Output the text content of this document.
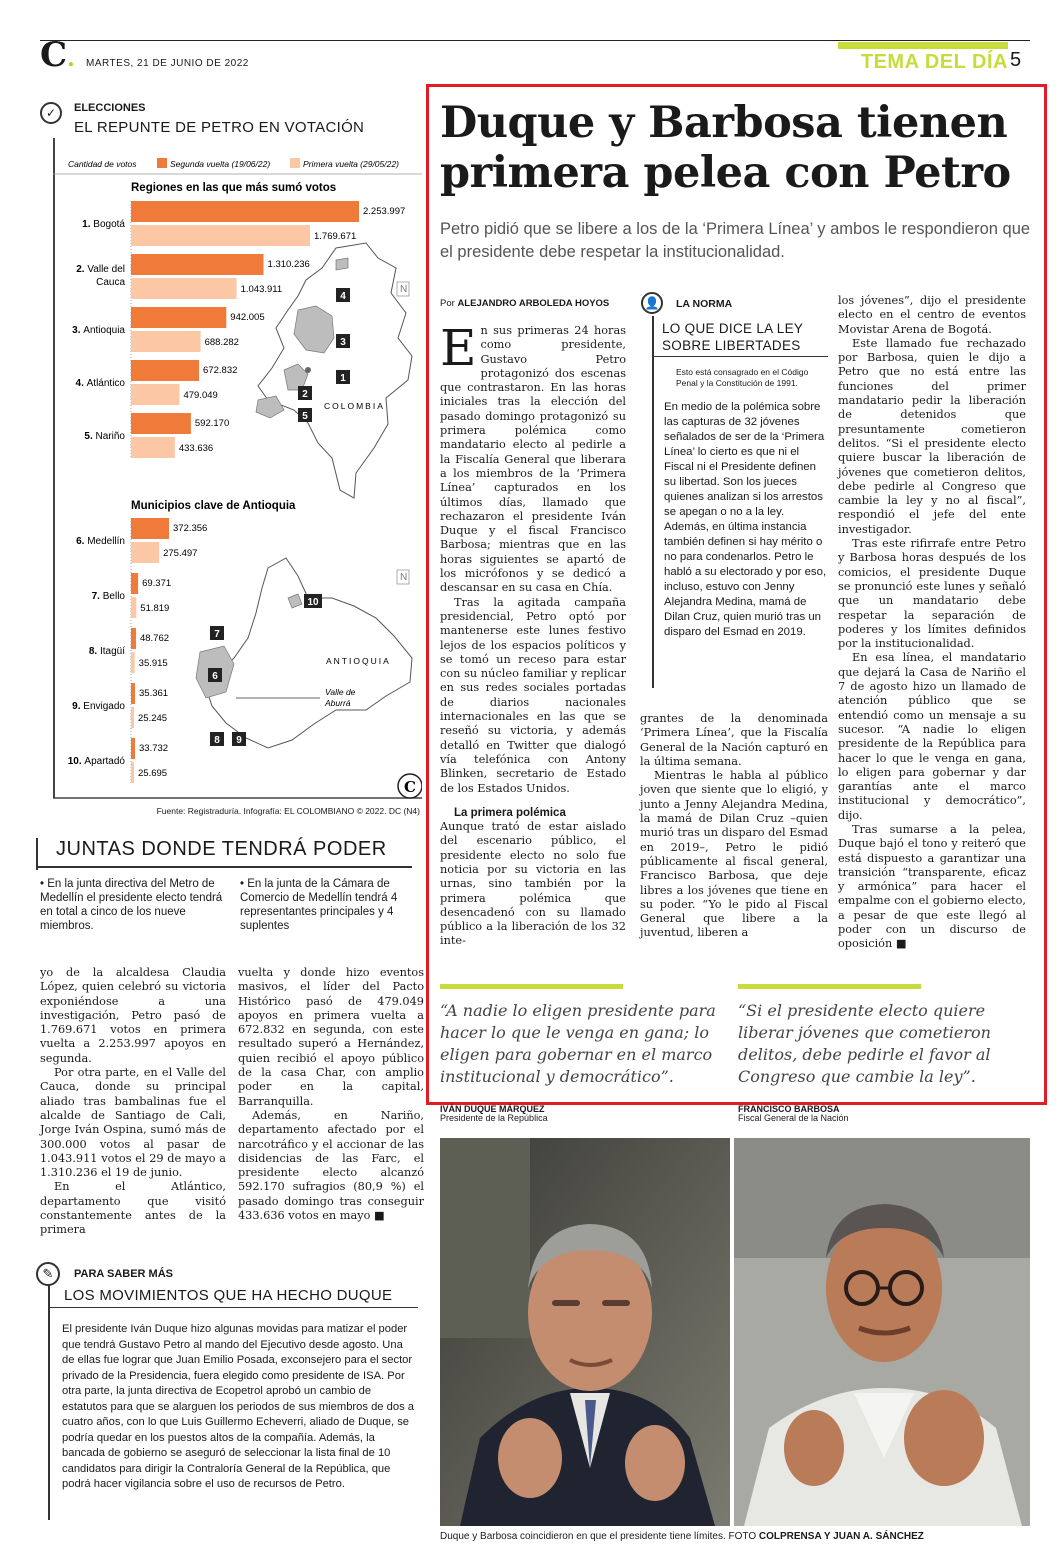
C. MARTES, 21 DE JUNIO DE 2022	TEMA DEL DÍA 5
✓	ELECCIONES
EL REPUNTE DE PETRO EN VOTACIÓN
Cantidad de votos	Segunda vuelta (19/06/22)	Primera vuelta (29/05/22)
Regiones en las que más sumó votos
2.253.997
1.769.671
1. Bogotá
1.310.236
1.043.911
2. Valle del
Cauca
942.005
688.282
3. Antioquia
672.832
479.049
4. Atlántico
592.170
433.636
5. Nariño
Municipios clave de Antioquia
372.356
275.497
6. Medellín
69.371
51.819
7. Bello
48.762
35.915
8. Itagüí
35.361
25.245
9. Envigado
33.732
25.695
10. Apartadó
4
3
1
2
5
COLOMBIA
N
Valle de
Aburrá
ANTIOQUIA
7
6
10
8 9
N
C
Fuente: Registraduría. Infografía: EL COLOMBIANO © 2022. DC (N4)
JUNTAS DONDE TENDRÁ PODER
• En la junta directiva del Metro de Medellín el presidente electo tendrá en total a cinco de los nueve miembros.
• En la junta de la Cámara de Comercio de Medellín tendrá 4 representantes principales y 4 suplentes

yo de la alcaldesa Claudia López, quien celebró su victoria exponiéndose a una investigación, Petro pasó de 1.769.671 votos en primera vuelta a 2.253.997 apoyos en segunda.

Por otra parte, en el Valle del Cauca, donde su principal aliado tras bambalinas fue el alcalde de Santiago de Cali, Jorge Iván Ospina, sumó más de 300.000 votos al pasar de 1.043.911 votos el 29 de mayo a 1.310.236 el 19 de junio.

En el Atlántico, departamento que visitó constantemente antes de la primera

vuelta y donde hizo eventos masivos, el líder del Pacto Histórico pasó de 479.049 apoyos en primera vuelta a 672.832 en segunda, con este resultado superó a Hernández, quien recibió el apoyo público de la casa Char, con amplio poder en la capital, Barranquilla.

Además, en Nariño, departamento afectado por el narcotráfico y el accionar de las disidencias de las Farc, el presidente electo alcanzó 592.170 sufragios (80,9 %) el pasado domingo tras conseguir 433.636 votos en mayo ■

✎	PARA SABER MÁS
LOS MOVIMIENTOS QUE HA HECHO DUQUE
El presidente Iván Duque hizo algunas movidas para matizar el poder que tendrá Gustavo Petro al mando del Ejecutivo desde agosto. Una de ellas fue lograr que Juan Emilio Posada, exconsejero para el sector privado de la Presidencia, fuera elegido como presidente de ISA. Por otra parte, la junta directiva de Ecopetrol aprobó un cambio de estatutos para que se alarguen los periodos de sus miembros de dos a cuatro años, con lo que Luis Guillermo Echeverri, aliado de Duque, se podría quedar en los puestos altos de la compañía. Además, la bancada de gobierno se aseguró de seleccionar la lista final de 10 candidatos para dirigir la Contraloría General de la República, que podrá hacer vigilancia sobre el uso de recursos de Petro.
Duque y Barbosa tienen primera pelea con Petro
Petro pidió que se libere a los de la ‘Primera Línea’ y ambos le respondieron que el presidente debe respetar la institucionalidad.
Por ALEJANDRO ARBOLEDA HOYOS

En sus primeras 24 horas como presidente, Gustavo Petro protagonizó dos escenas que contrastaron. En las horas iniciales tras la elección del pasado domingo protagonizó su primera polémica como mandatario electo al pedirle a la Fiscalía General que liberara a los miembros de la ‘Primera Línea’ capturados en los últimos días, llamado que rechazaron el presidente Iván Duque y el fiscal Francisco Barbosa; mientras que en las horas siguientes se apartó de los micrófonos y se dedicó a descansar en su casa en Chía.

Tras la agitada campaña presidencial, Petro optó por mantenerse este lunes festivo lejos de los espacios políticos y se tomó un receso para estar con su núcleo familiar y replicar en sus redes sociales portadas de diarios nacionales internacionales en las que se reseñó su victoria, y además detalló en Twitter que dialogó vía telefónica con Antony Blinken, secretario de Estado de los Estados Unidos.

La primera polémica

Aunque trató de estar aislado del escenario público, el presidente electo no solo fue noticia por su victoria en las urnas, sino también por la primera polémica que desencadenó con su llamado público a la liberación de los 32 inte-

grantes de la denominada ‘Primera Línea’, que la Fiscalía General de la Nación capturó en la última semana.

Mientras le habla al público joven que siente que lo eligió, y junto a Jenny Alejandra Medina, la mamá de Dilan Cruz –quien murió tras un disparo del Esmad en 2019–, Petro le pidió públicamente al fiscal general, Francisco Barbosa, que deje libres a los jóvenes que tiene en su poder. “Yo le pido al Fiscal General que libere a la juventud, liberen a

los jóvenes”, dijo el presidente electo en el centro de eventos Movistar Arena de Bogotá.

Este llamado fue rechazado por Barbosa, quien le dijo a Petro que no está entre las funciones del primer mandatario pedir la liberación de detenidos que presuntamente cometieron delitos. “Si el presidente electo quiere buscar la liberación de jóvenes que cometieron delitos, debe pedirle al Congreso que cambie la ley y no al fiscal”, respondió el jefe del ente investigador.

Tras este rifirrafe entre Petro y Barbosa horas después de los comicios, el presidente Duque se pronunció este lunes y señaló que un mandatario debe respetar la separación de poderes y los límites definidos por la institucionalidad.

En esa línea, el mandatario que dejará la Casa de Nariño el 7 de agosto hizo un llamado de atención público que se entendió como un mensaje a su sucesor. “A nadie lo eligen presidente de la República para hacer lo que le venga en gana, lo eligen para gobernar y dar garantías ante el marco institucional y democrático”, dijo.

Tras sumarse a la pelea, Duque bajó el tono y reiteró que está dispuesto a garantizar una transición “transparente, eficaz y armónica” para hacer el empalme con el gobierno electo, a pesar de que este llegó al poder con un discurso de oposición ■

👤	LA NORMA
LO QUE DICE LA LEY SOBRE LIBERTADES
Esto está consagrado en el Código Penal y la Constitución de 1991.
En medio de la polémica sobre las capturas de 32 jóvenes señalados de ser de la ‘Primera Línea’ lo cierto es que ni el Fiscal ni el Presidente definen su libertad. Son los jueces quienes analizan si los arrestos se apegan o no a la ley. Además, en última instancia también definen si hay mérito o no para condenarlos. Petro le habló a su electorado y por eso, incluso, estuvo con Jenny Alejandra Medina, mamá de Dilan Cruz, quien murió tras un disparo del Esmad en 2019.
“A nadie lo eligen presidente para hacer lo que le venga en gana; lo eligen para gobernar en el marco institucional y democrático”.
“Si el presidente electo quiere liberar jóvenes que cometieron delitos, debe pedirle el favor al Congreso que cambie la ley”.
IVÁN DUQUE MÁRQUEZ
Presidente de la República
FRANCISCO BARBOSA
Fiscal General de la Nación
Duque y Barbosa coincidieron en que el presidente tiene límites. FOTO COLPRENSA Y JUAN A. SÁNCHEZ
